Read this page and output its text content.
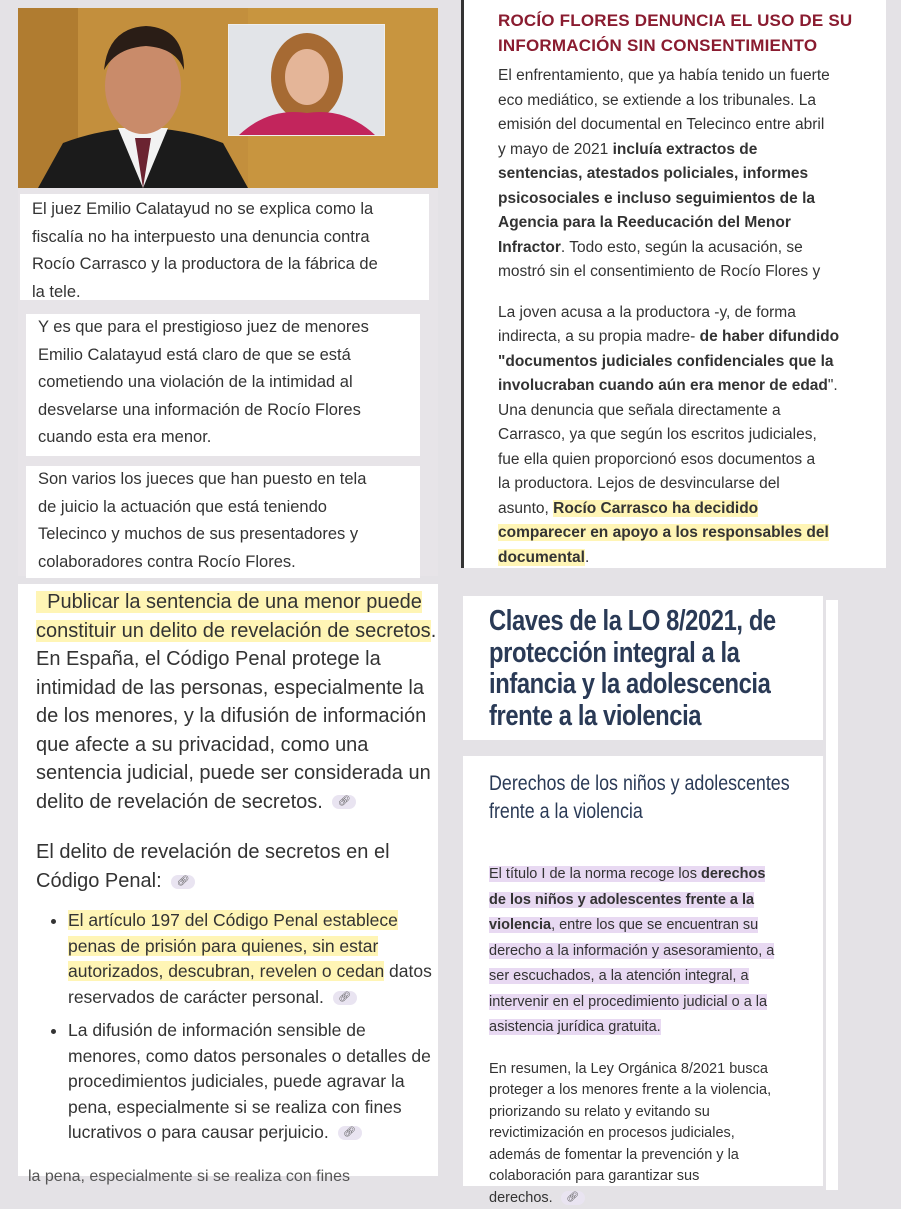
El juez Emilio Calatayud no se explica como la
fiscalía no ha interpuesto una denuncia contra
Rocío Carrasco y la productora de la fábrica de
la tele.
Y es que para el prestigioso juez de menores
Emilio Calatayud está claro de que se está
cometiendo una violación de la intimidad al
desvelarse una información de Rocío Flores
cuando esta era menor.
Son varios los jueces que han puesto en tela
de juicio la actuación que está teniendo
Telecinco y muchos de sus presentadores y
colaboradores contra Rocío Flores.
ROCÍO FLORES DENUNCIA EL USO DE SU
INFORMACIÓN SIN CONSENTIMIENTO
El enfrentamiento, que ya había tenido un fuerte
eco mediático, se extiende a los tribunales. La
emisión del documental en Telecinco entre abril
y mayo de 2021 incluía extractos de
sentencias, atestados policiales, informes
psicosociales e incluso seguimientos de la
Agencia para la Reeducación del Menor
Infractor. Todo esto, según la acusación, se
mostró sin el consentimiento de Rocío Flores y
La joven acusa a la productora -y, de forma
indirecta, a su propia madre- de haber difundido
"documentos judiciales confidenciales que la
involucraban cuando aún era menor de edad".
Una denuncia que señala directamente a
Carrasco, ya que según los escritos judiciales,
fue ella quien proporcionó esos documentos a
la productora. Lejos de desvincularse del
asunto, Rocío Carrasco ha decidido
comparecer en apoyo a los responsables del
documental.

Publicar la sentencia de una menor puede constituir un delito de revelación de secretos. En España, el Código Penal protege la intimidad de las personas, especialmente la de los menores, y la difusión de información que afecte a su privacidad, como una sentencia judicial, puede ser considerada un delito de revelación de secretos. 🔗︎

El delito de revelación de secretos en el Código Penal: 🔗︎

• El artículo 197 del Código Penal establece penas de prisión para quienes, sin estar autorizados, descubran, revelen o cedan datos reservados de carácter personal. 🔗︎
• La difusión de información sensible de menores, como datos personales o detalles de procedimientos judiciales, puede agravar la pena, especialmente si se realiza con fines lucrativos o para causar perjuicio. 🔗︎
la pena, especialmente si se realiza con fines
Claves de la LO 8/2021, de
protección integral a la
infancia y la adolescencia
frente a la violencia
Derechos de los niños y adolescentes
frente a la violencia
El título I de la norma recoge los derechos
de los niños y adolescentes frente a la
violencia, entre los que se encuentran su
derecho a la información y asesoramiento, a
ser escuchados, a la atención integral, a
intervenir en el procedimiento judicial o a la
asistencia jurídica gratuita.
En resumen, la Ley Orgánica 8/2021 busca
proteger a los menores frente a la violencia,
priorizando su relato y evitando su
revictimización en procesos judiciales,
además de fomentar la prevención y la
colaboración para garantizar sus
derechos. 🔗︎
